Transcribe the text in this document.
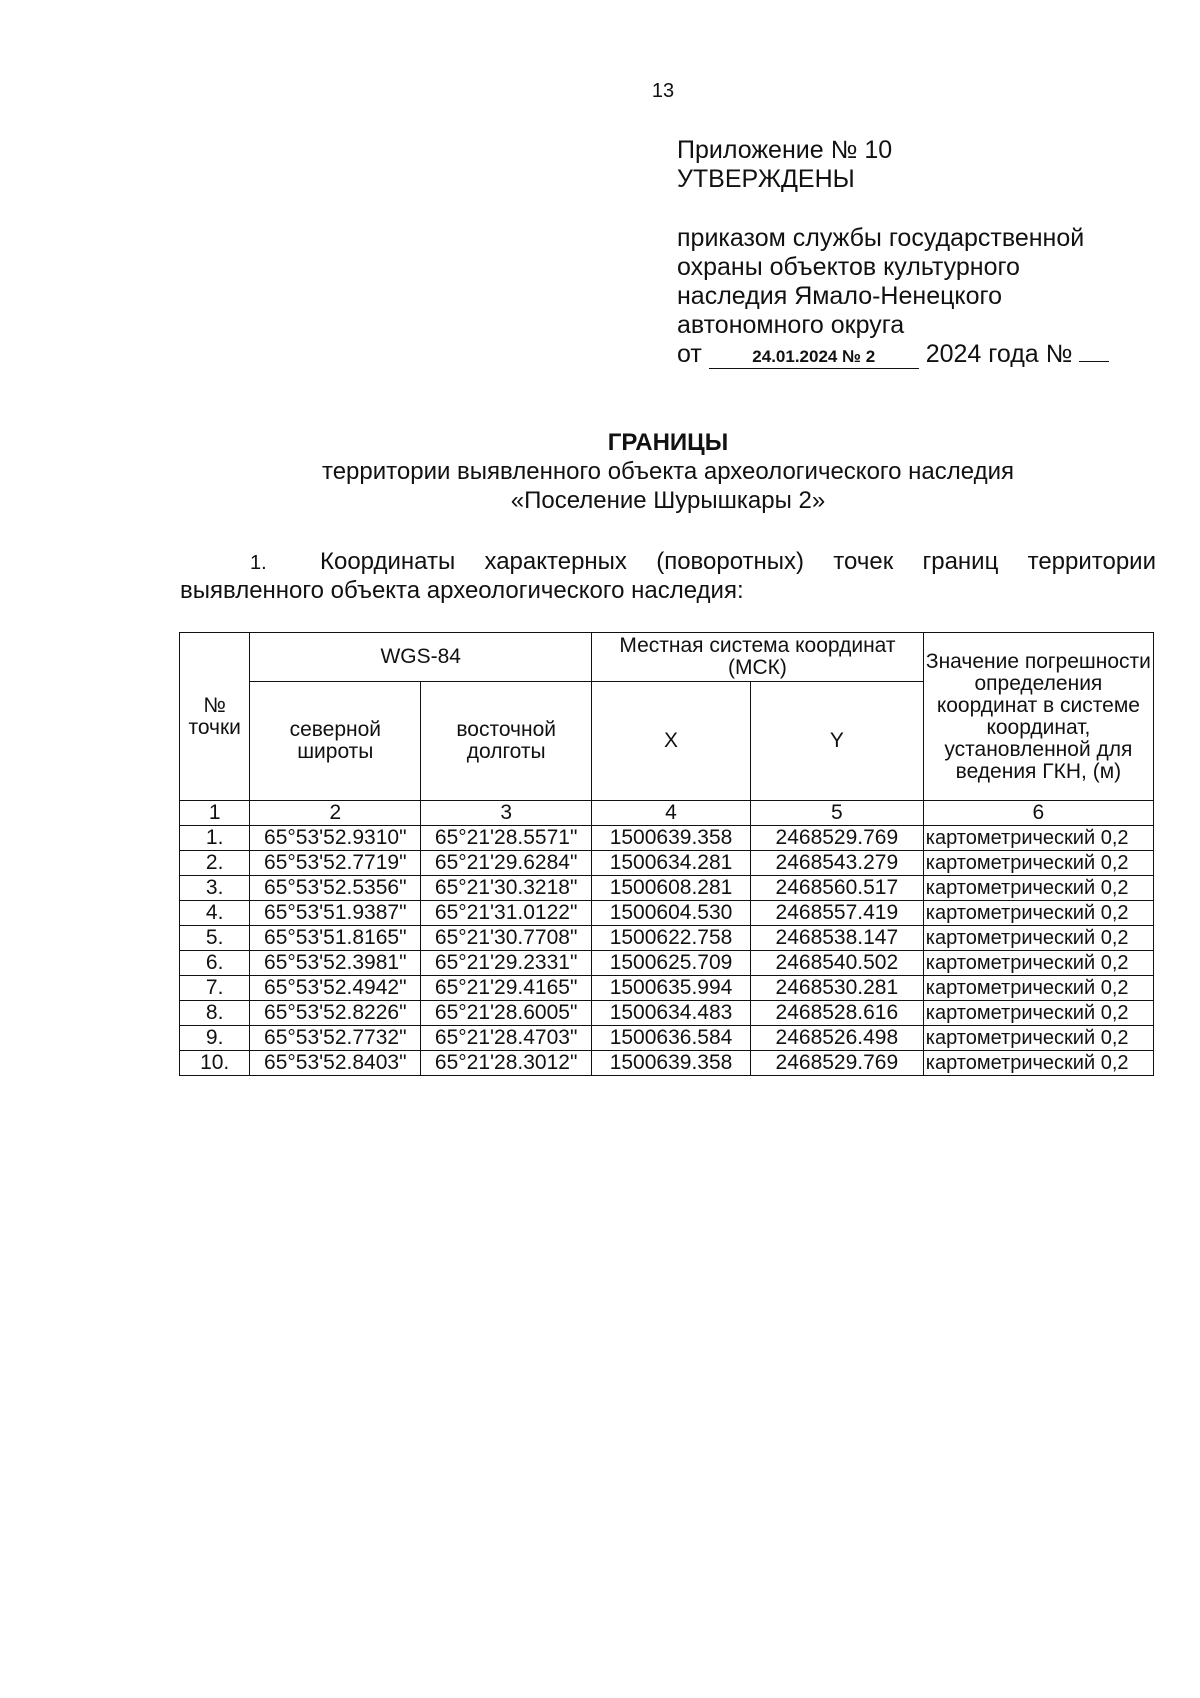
13
Приложение № 10
УТВЕРЖДЕНЫ
приказом службы государственной
охраны объектов культурного
наследия Ямало-Ненецкого
автономного округа
от	24.01.2024 № 2 2024 года №
ГРАНИЦЫ
территории выявленного объекта археологического наследия
«Поселение Шурышкары 2»
1. Координаты характерных (поворотных) точек границ территории выявленного объекта археологического наследия:
№ точки	WGS-84		Местная система координат (МСК)		Значение погрешности определения координат в системе координат, установленной для ведения ГКН, (м)
	северной широты	восточной долготы	X	Y	
1	2	3	4	5	6
1.	65°53'52.9310"	65°21'28.5571"	1500639.358	2468529.769	картометрический 0,2
2.	65°53'52.7719"	65°21'29.6284"	1500634.281	2468543.279	картометрический 0,2
3.	65°53'52.5356"	65°21'30.3218"	1500608.281	2468560.517	картометрический 0,2
4.	65°53'51.9387"	65°21'31.0122"	1500604.530	2468557.419	картометрический 0,2
5.	65°53'51.8165"	65°21'30.7708"	1500622.758	2468538.147	картометрический 0,2
6.	65°53'52.3981"	65°21'29.2331"	1500625.709	2468540.502	картометрический 0,2
7.	65°53'52.4942"	65°21'29.4165"	1500635.994	2468530.281	картометрический 0,2
8.	65°53'52.8226"	65°21'28.6005"	1500634.483	2468528.616	картометрический 0,2
9.	65°53'52.7732"	65°21'28.4703"	1500636.584	2468526.498	картометрический 0,2
10.	65°53'52.8403"	65°21'28.3012"	1500639.358	2468529.769	картометрический 0,2
